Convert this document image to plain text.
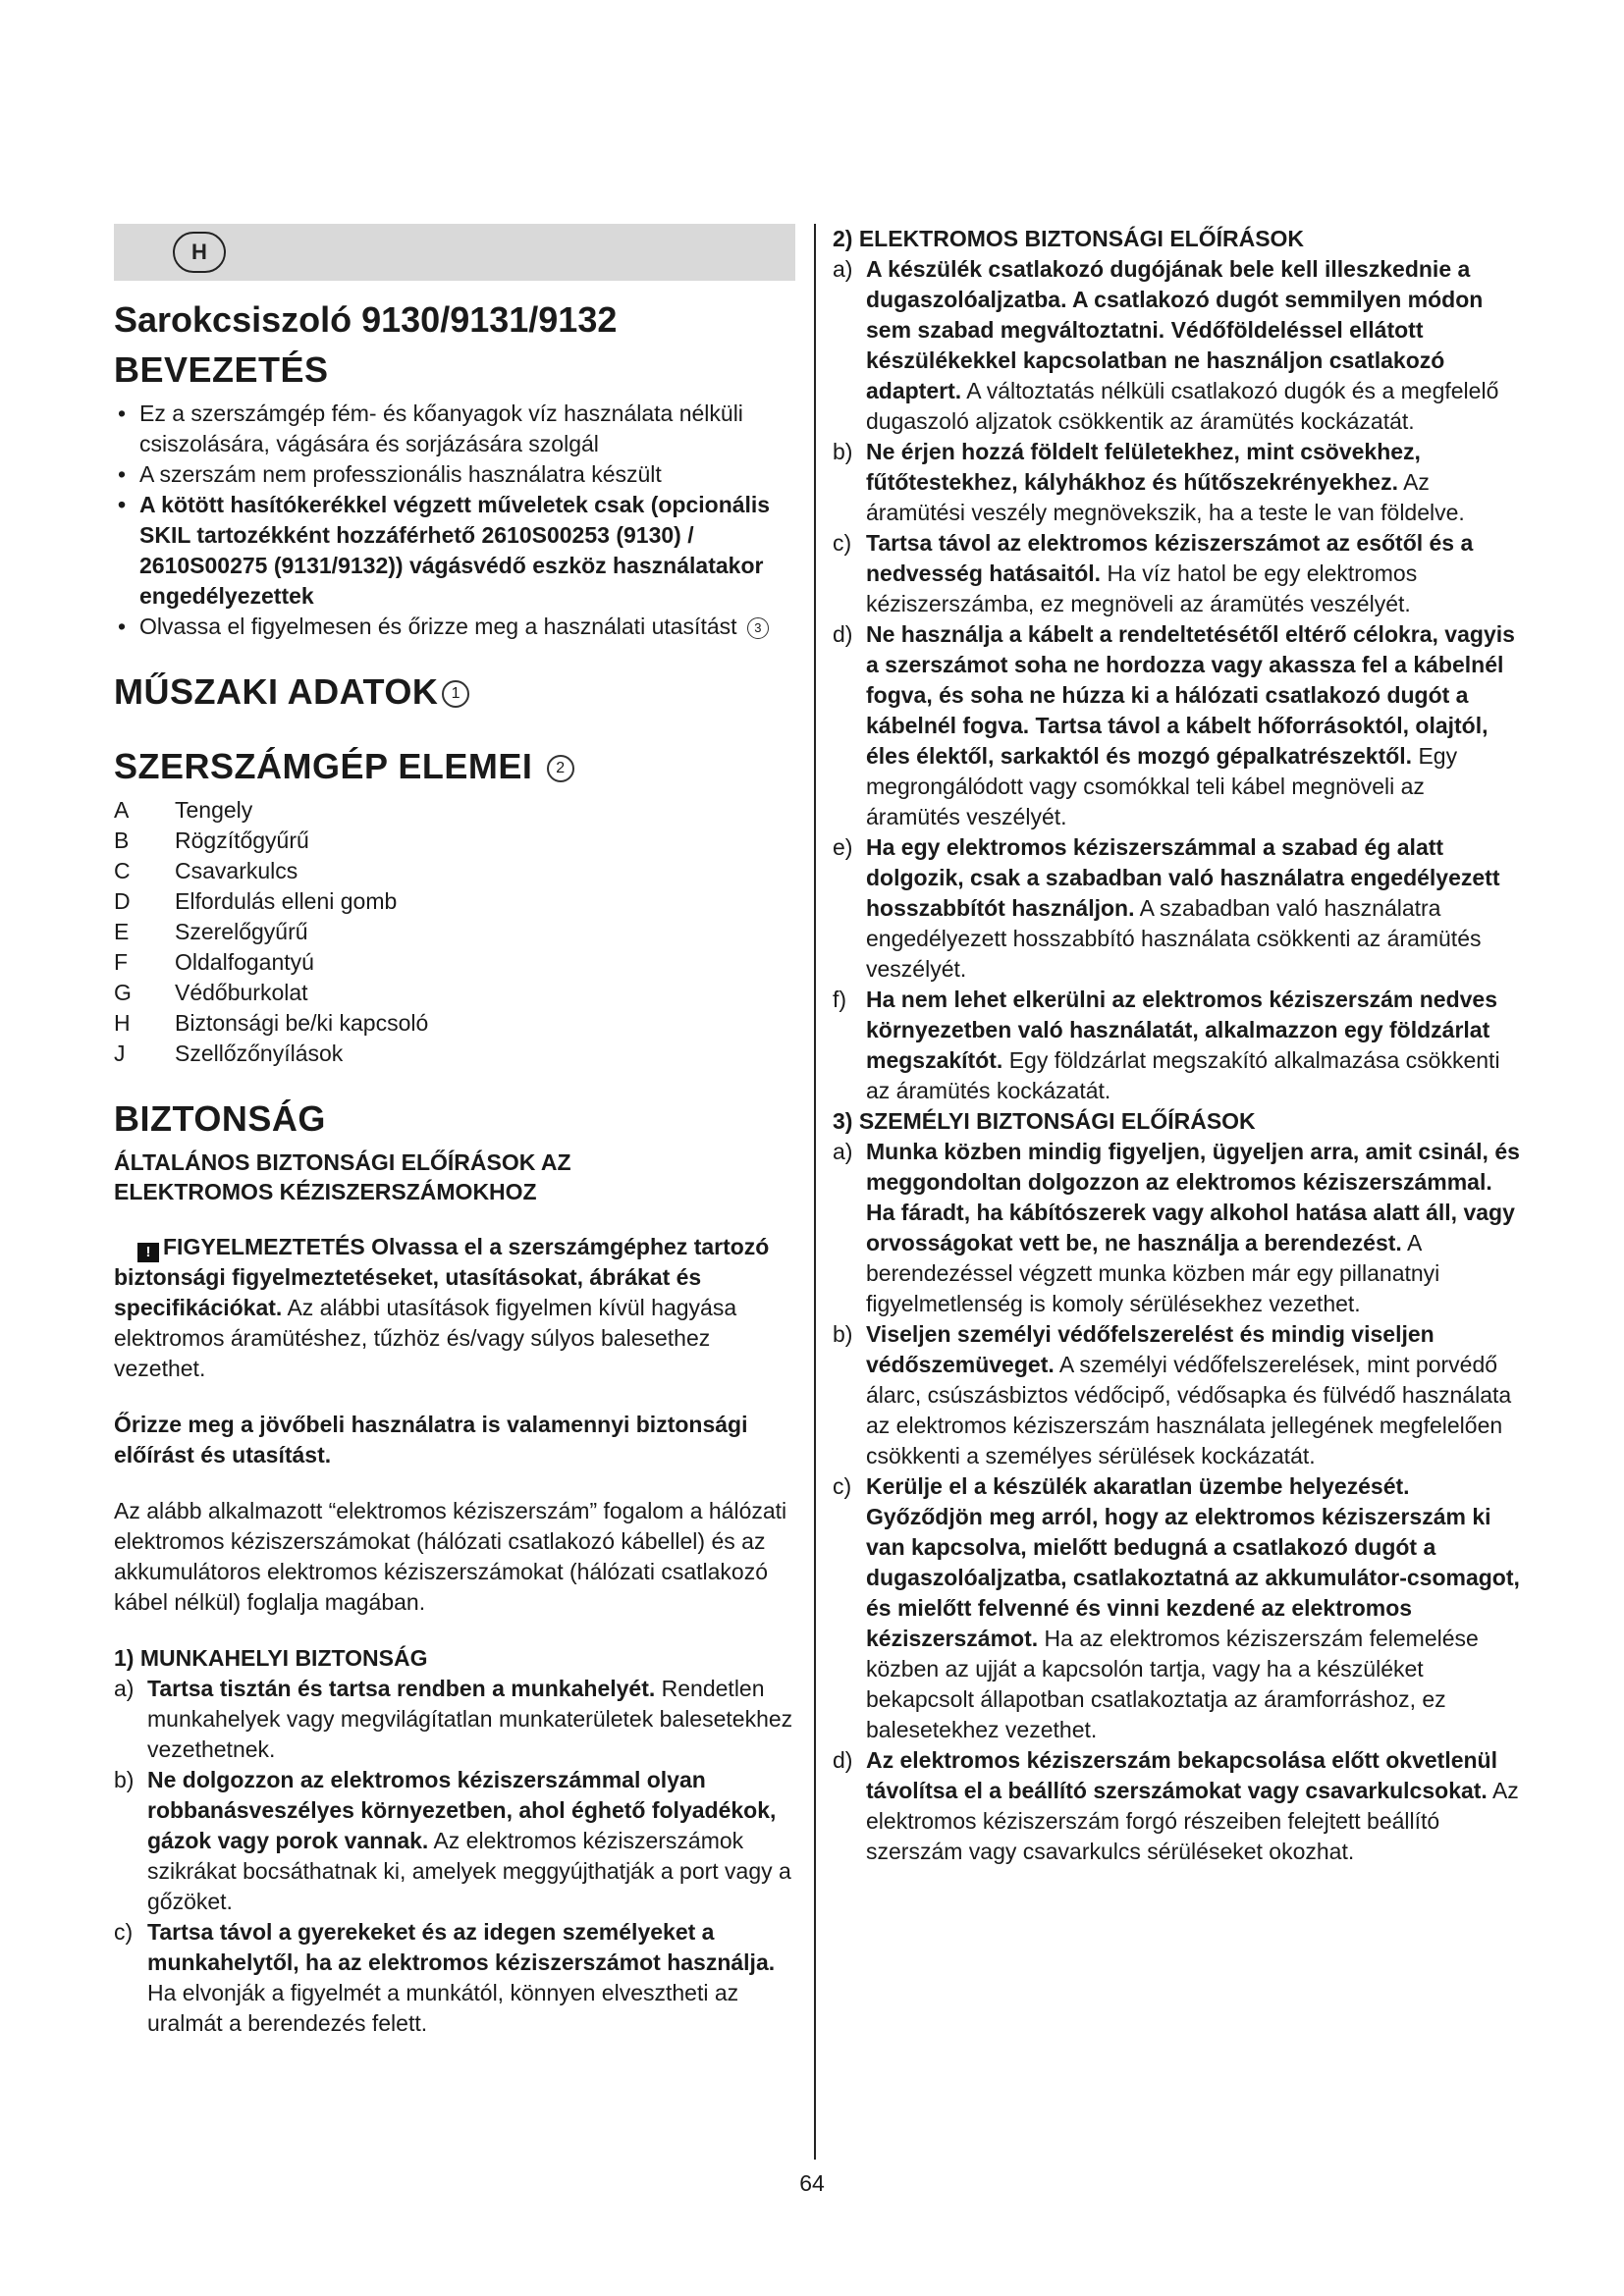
H
Sarokcsiszoló 9130/9131/9132
BEVEZETÉS
• Ez a szerszámgép fém- és kőanyagok víz használata nélküli csiszolására, vágására és sorjázására szolgál
• A szerszám nem professzionális használatra készült
• A kötött hasítókerékkel végzett műveletek csak (opcionális SKIL tartozékként hozzáférhető 2610S00253 (9130) / 2610S00275 (9131/9132)) vágásvédő eszköz használatakor engedélyezettek
• Olvassa el figyelmesen és őrizze meg a használati utasítást 3
MŰSZAKI ADATOK 1
SZERSZÁMGÉP ELEMEI 2
A	Tengely
B	Rögzítőgyűrű
C	Csavarkulcs
D	Elfordulás elleni gomb
E	Szerelőgyűrű
F	Oldalfogantyú
G	Védőburkolat
H	Biztonsági be/ki kapcsoló
J	Szellőzőnyílások
BIZTONSÁG
ÁLTALÁNOS BIZTONSÁGI ELŐÍRÁSOK AZ
ELEKTROMOS KÉZISZERSZÁMOKHOZ

! FIGYELMEZTETÉS Olvassa el a szerszámgéphez tartozó biztonsági figyelmeztetéseket, utasításokat, ábrákat és specifikációkat. Az alábbi utasítások figyelmen kívül hagyása elektromos áramütéshez, tűzhöz és/vagy súlyos balesethez vezethet.

Őrizze meg a jövőbeli használatra is valamennyi biztonsági előírást és utasítást.

Az alább alkalmazott “elektromos kéziszerszám” fogalom a hálózati elektromos kéziszerszámokat (hálózati csatlakozó kábellel) és az akkumulátoros elektromos kéziszerszámokat (hálózati csatlakozó kábel nélkül) foglalja magában.

1) MUNKAHELYI BIZTONSÁG
a) Tartsa tisztán és tartsa rendben a munkahelyét. Rendetlen munkahelyek vagy megvilágítatlan munkaterületek balesetekhez vezethetnek.
b) Ne dolgozzon az elektromos kéziszerszámmal olyan robbanásveszélyes környezetben, ahol éghető folyadékok, gázok vagy porok vannak. Az elektromos kéziszerszámok szikrákat bocsáthatnak ki, amelyek meggyújthatják a port vagy a gőzöket.
c) Tartsa távol a gyerekeket és az idegen személyeket a munkahelytől, ha az elektromos kéziszerszámot használja. Ha elvonják a figyelmét a munkától, könnyen elvesztheti az uralmát a berendezés felett.
2) ELEKTROMOS BIZTONSÁGI ELŐÍRÁSOK
a) A készülék csatlakozó dugójának bele kell illeszkednie a dugaszolóaljzatba. A csatlakozó dugót semmilyen módon sem szabad megváltoztatni. Védőföldeléssel ellátott készülékekkel kapcsolatban ne használjon csatlakozó adaptert. A változtatás nélküli csatlakozó dugók és a megfelelő dugaszoló aljzatok csökkentik az áramütés kockázatát.
b) Ne érjen hozzá földelt felületekhez, mint csövekhez, fűtőtestekhez, kályhákhoz és hűtőszekrényekhez. Az áramütési veszély megnövekszik, ha a teste le van földelve.
c) Tartsa távol az elektromos kéziszerszámot az esőtől és a nedvesség hatásaitól. Ha víz hatol be egy elektromos kéziszerszámba, ez megnöveli az áramütés veszélyét.
d) Ne használja a kábelt a rendeltetésétől eltérő célokra, vagyis a szerszámot soha ne hordozza vagy akassza fel a kábelnél fogva, és soha ne húzza ki a hálózati csatlakozó dugót a kábelnél fogva. Tartsa távol a kábelt hőforrásoktól, olajtól, éles élektől, sarkaktól és mozgó gépalkatrészektől. Egy megrongálódott vagy csomókkal teli kábel megnöveli az áramütés veszélyét.
e) Ha egy elektromos kéziszerszámmal a szabad ég alatt dolgozik, csak a szabadban való használatra engedélyezett hosszabbítót használjon. A szabadban való használatra engedélyezett hosszabbító használata csökkenti az áramütés veszélyét.
f) Ha nem lehet elkerülni az elektromos kéziszerszám nedves környezetben való használatát, alkalmazzon egy földzárlat megszakítót. Egy földzárlat megszakító alkalmazása csökkenti az áramütés kockázatát.
3) SZEMÉLYI BIZTONSÁGI ELŐÍRÁSOK
a) Munka közben mindig figyeljen, ügyeljen arra, amit csinál, és meggondoltan dolgozzon az elektromos kéziszerszámmal. Ha fáradt, ha kábítószerek vagy alkohol hatása alatt áll, vagy orvosságokat vett be, ne használja a berendezést. A berendezéssel végzett munka közben már egy pillanatnyi figyelmetlenség is komoly sérülésekhez vezethet.
b) Viseljen személyi védőfelszerelést és mindig viseljen védőszemüveget. A személyi védőfelszerelések, mint porvédő álarc, csúszásbiztos védőcipő, védősapka és fülvédő használata az elektromos kéziszerszám használata jellegének megfelelően csökkenti a személyes sérülések kockázatát.
c) Kerülje el a készülék akaratlan üzembe helyezését. Győződjön meg arról, hogy az elektromos kéziszerszám ki van kapcsolva, mielőtt bedugná a csatlakozó dugót a dugaszolóaljzatba, csatlakoztatná az akkumulátor-csomagot, és mielőtt felvenné és vinni kezdené az elektromos kéziszerszámot. Ha az elektromos kéziszerszám felemelése közben az ujját a kapcsolón tartja, vagy ha a készüléket bekapcsolt állapotban csatlakoztatja az áramforráshoz, ez balesetekhez vezethet.
d) Az elektromos kéziszerszám bekapcsolása előtt okvetlenül távolítsa el a beállító szerszámokat vagy csavarkulcsokat. Az elektromos kéziszerszám forgó részeiben felejtett beállító szerszám vagy csavarkulcs sérüléseket okozhat.
64
